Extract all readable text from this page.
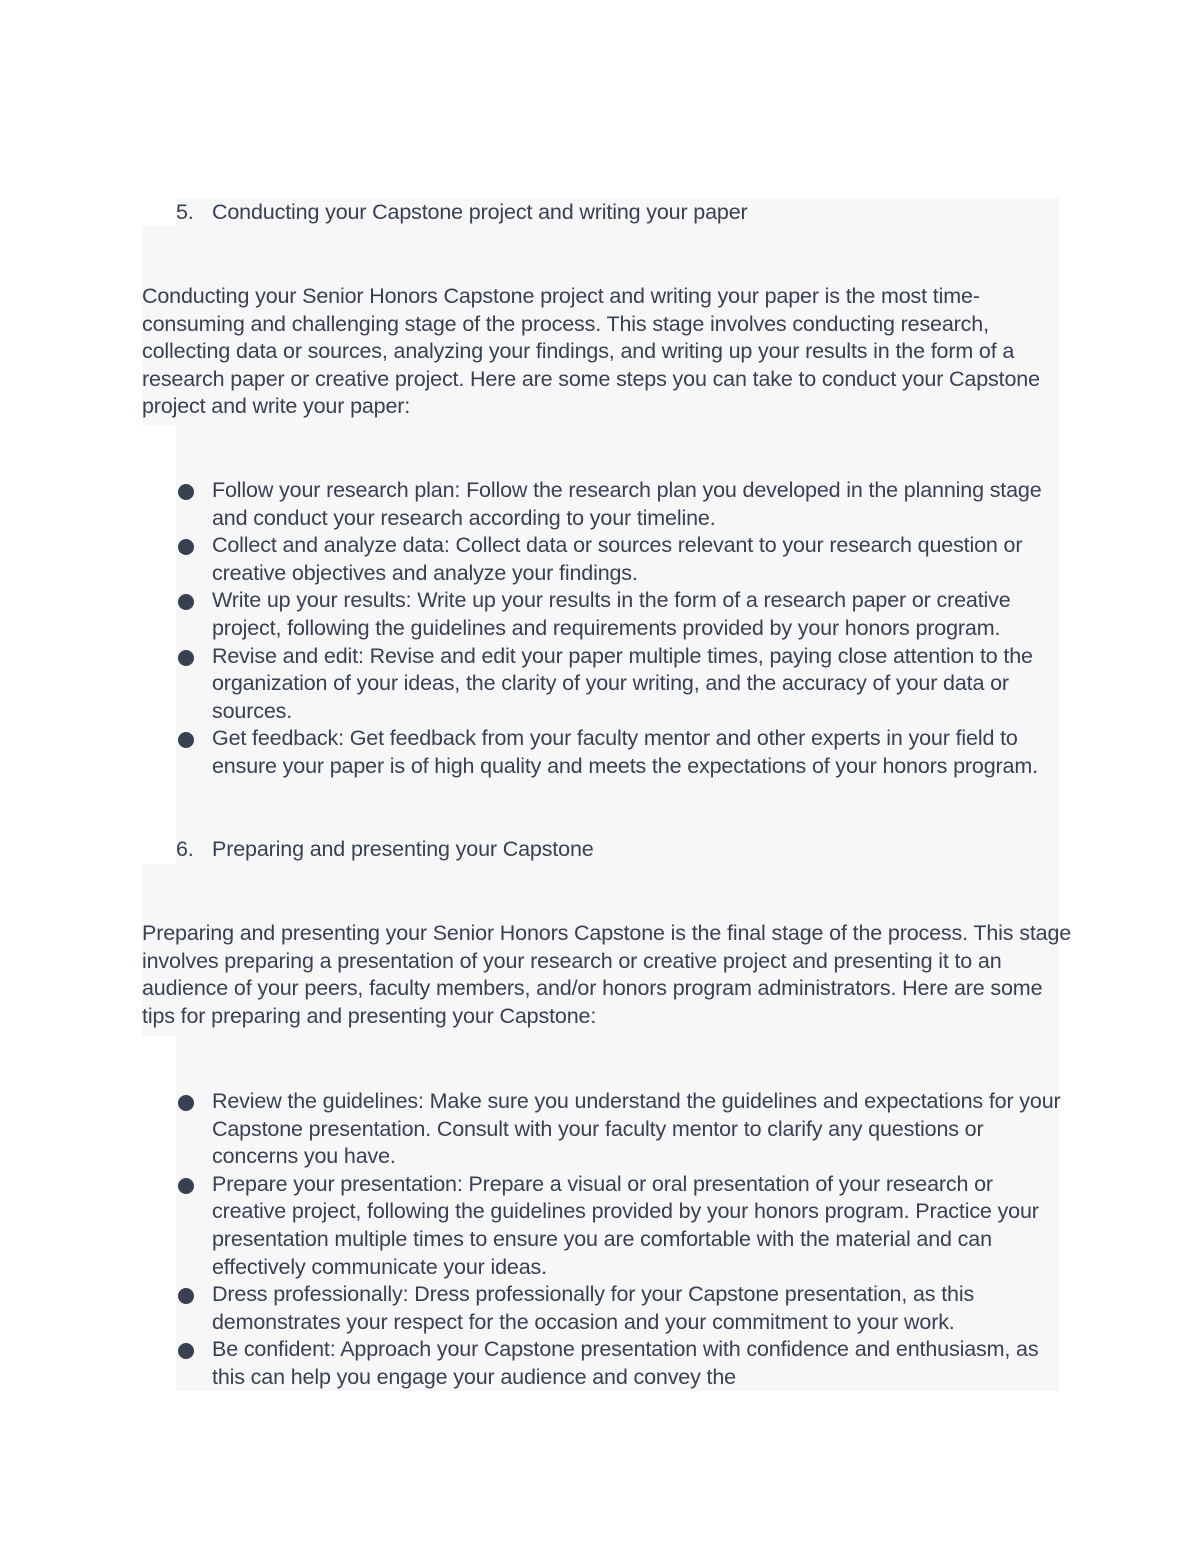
5. Conducting your Capstone project and writing your paper
Conducting your Senior Honors Capstone project and writing your paper is the most time-consuming and challenging stage of the process. This stage involves conducting research, collecting data or sources, analyzing your findings, and writing up your results in the form of a research paper or creative project. Here are some steps you can take to conduct your Capstone project and write your paper:
Follow your research plan: Follow the research plan you developed in the planning stage and conduct your research according to your timeline.
Collect and analyze data: Collect data or sources relevant to your research question or creative objectives and analyze your findings.
Write up your results: Write up your results in the form of a research paper or creative project, following the guidelines and requirements provided by your honors program.
Revise and edit: Revise and edit your paper multiple times, paying close attention to the organization of your ideas, the clarity of your writing, and the accuracy of your data or sources.
Get feedback: Get feedback from your faculty mentor and other experts in your field to ensure your paper is of high quality and meets the expectations of your honors program.
6. Preparing and presenting your Capstone
Preparing and presenting your Senior Honors Capstone is the final stage of the process. This stage involves preparing a presentation of your research or creative project and presenting it to an audience of your peers, faculty members, and/or honors program administrators. Here are some tips for preparing and presenting your Capstone:
Review the guidelines: Make sure you understand the guidelines and expectations for your Capstone presentation. Consult with your faculty mentor to clarify any questions or concerns you have.
Prepare your presentation: Prepare a visual or oral presentation of your research or creative project, following the guidelines provided by your honors program. Practice your presentation multiple times to ensure you are comfortable with the material and can effectively communicate your ideas.
Dress professionally: Dress professionally for your Capstone presentation, as this demonstrates your respect for the occasion and your commitment to your work.
Be confident: Approach your Capstone presentation with confidence and enthusiasm, as this can help you engage your audience and convey the
